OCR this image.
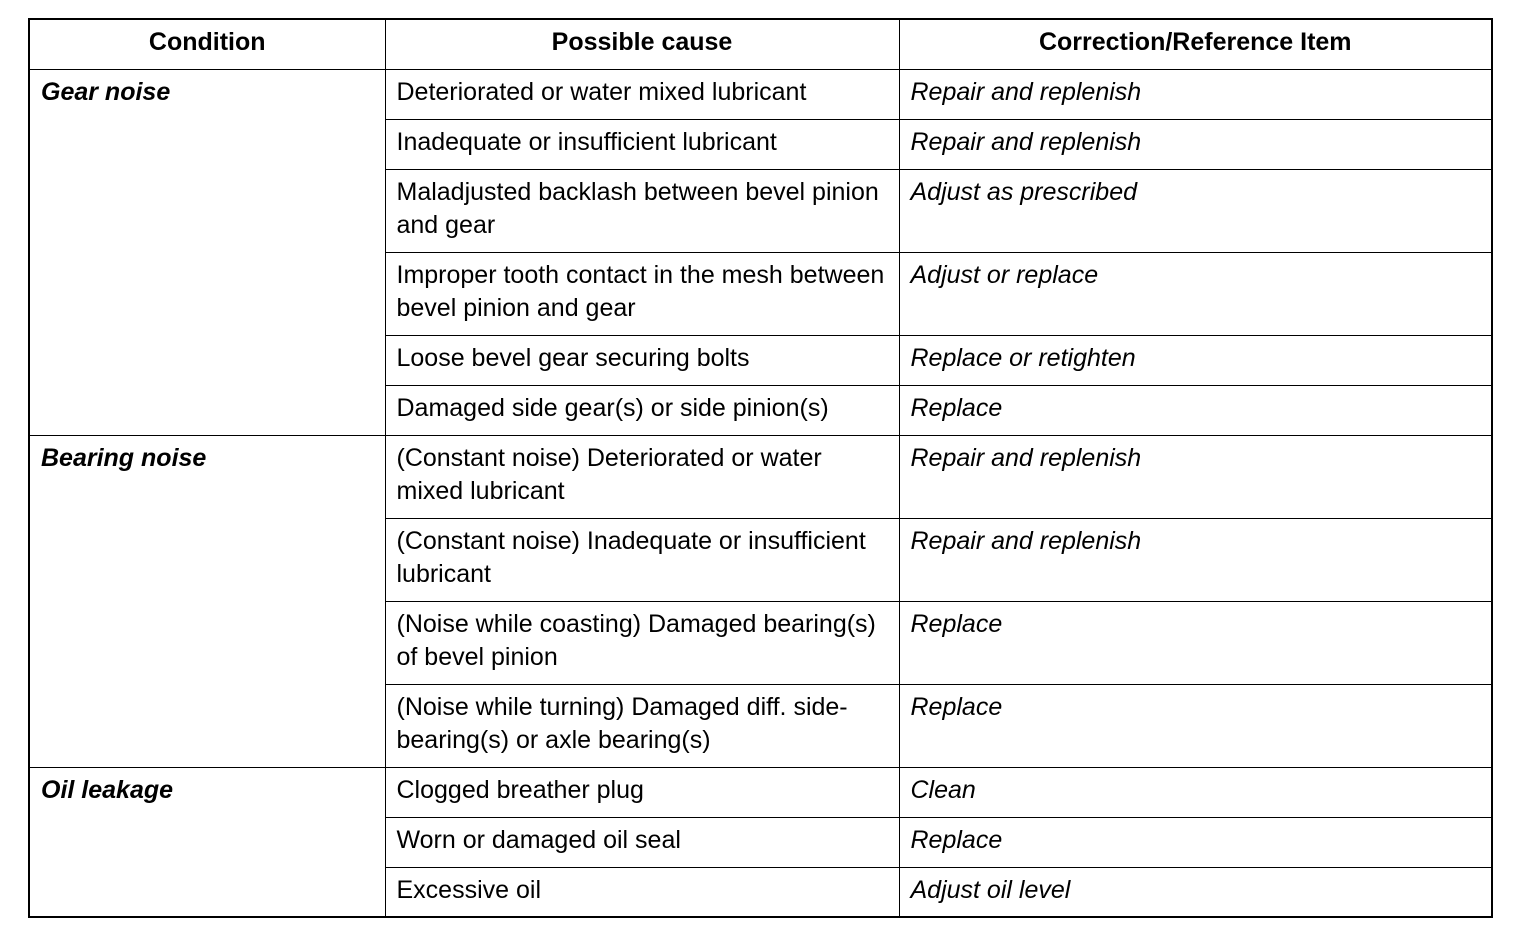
Condition	Possible cause	Correction/Reference Item
Gear noise	Deteriorated or water mixed lubricant	Repair and replenish
	Inadequate or insufficient lubricant	Repair and replenish
	Maladjusted backlash between bevel pinion and gear	Adjust as prescribed
	Improper tooth contact in the mesh between bevel pinion and gear	Adjust or replace
	Loose bevel gear securing bolts	Replace or retighten
	Damaged side gear(s) or side pinion(s)	Replace
Bearing noise	(Constant noise) Deteriorated or water mixed lubricant	Repair and replenish
	(Constant noise) Inadequate or insufficient lubricant	Repair and replenish
	(Noise while coasting) Damaged bearing(s) of bevel pinion	Replace
	(Noise while turning) Damaged diff. side-bearing(s) or axle bearing(s)	Replace
Oil leakage	Clogged breather plug	Clean
	Worn or damaged oil seal	Replace
	Excessive oil	Adjust oil level
